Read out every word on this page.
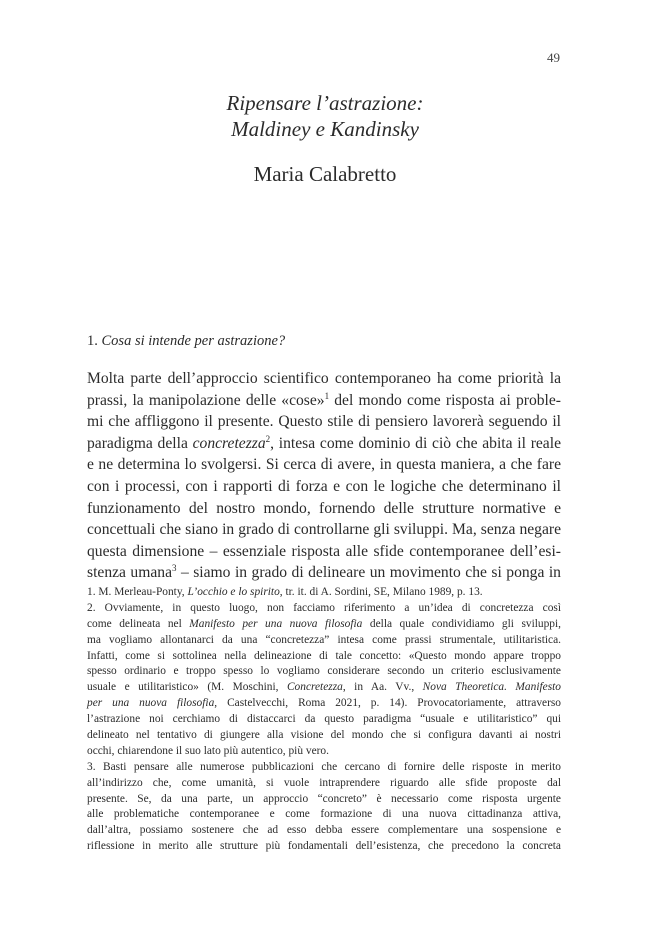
49
Ripensare l’astrazione:
Maldiney e Kandinsky
Maria Calabretto
1. Cosa si intende per astrazione?
Molta parte dell’approccio scientifico contemporaneo ha come priorità la
prassi, la manipolazione delle «cose»$^1$ del mondo come risposta ai proble-
mi che affliggono il presente. Questo stile di pensiero lavorerà seguendo il
paradigma della concretezza$^2$, intesa come dominio di ciò che abita il reale
e ne determina lo svolgersi. Si cerca di avere, in questa maniera, a che fare
con i processi, con i rapporti di forza e con le logiche che determinano il
funzionamento del nostro mondo, fornendo delle strutture normative e
concettuali che siano in grado di controllarne gli sviluppi. Ma, senza negare
questa dimensione – essenziale risposta alle sfide contemporanee dell’esi-
stenza umana$^3$ – siamo in grado di delineare un movimento che si ponga in
1. M. Merleau-Ponty, L’occhio e lo spirito, tr. it. di A. Sordini, SE, Milano 1989, p. 13.
2. Ovviamente, in questo luogo, non facciamo riferimento a un’idea di concretezza così
come delineata nel Manifesto per una nuova filosofia della quale condividiamo gli sviluppi,
ma vogliamo allontanarci da una “concretezza” intesa come prassi strumentale, utilitaristica.
Infatti, come si sottolinea nella delineazione di tale concetto: «Questo mondo appare troppo
spesso ordinario e troppo spesso lo vogliamo considerare secondo un criterio esclusivamente
usuale e utilitaristico» (M. Moschini, Concretezza, in Aa. Vv., Nova Theoretica. Manifesto
per una nuova filosofia, Castelvecchi, Roma 2021, p. 14). Provocatoriamente, attraverso
l’astrazione noi cerchiamo di distaccarci da questo paradigma “usuale e utilitaristico” qui
delineato nel tentativo di giungere alla visione del mondo che si configura davanti ai nostri
occhi, chiarendone il suo lato più autentico, più vero.
3. Basti pensare alle numerose pubblicazioni che cercano di fornire delle risposte in merito
all’indirizzo che, come umanità, si vuole intraprendere riguardo alle sfide proposte dal
presente. Se, da una parte, un approccio “concreto” è necessario come risposta urgente
alle problematiche contemporanee e come formazione di una nuova cittadinanza attiva,
dall’altra, possiamo sostenere che ad esso debba essere complementare una sospensione e
riflessione in merito alle strutture più fondamentali dell’esistenza, che precedono la concreta
